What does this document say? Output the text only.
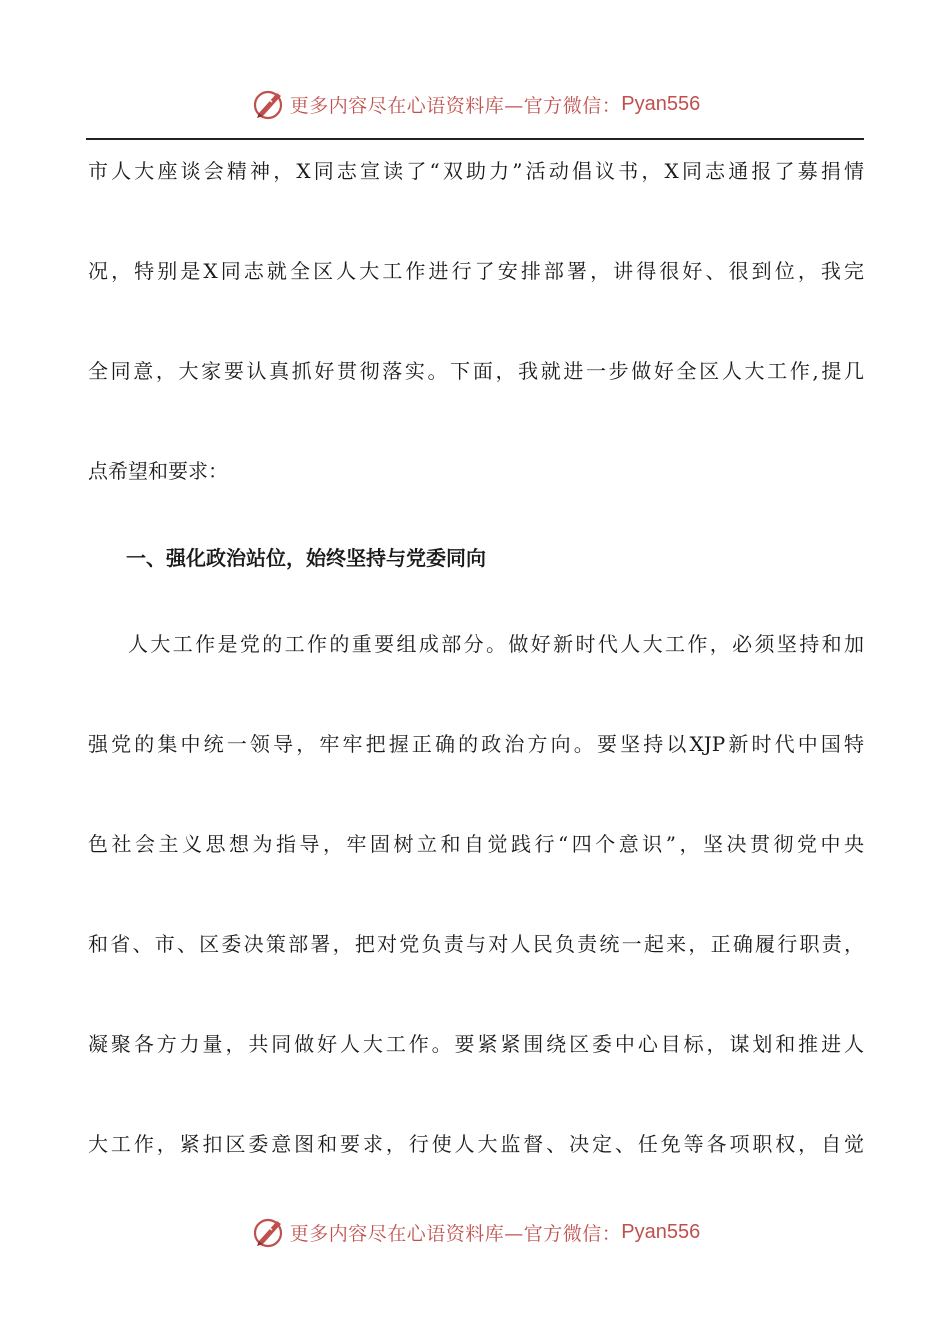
更多内容尽在心语资料库—官方微信： Pyan556
市人大座谈会精神，X同志宣读了“双助力”活动倡议书，X同志通报了募捐情
况，特别是X同志就全区人大工作进行了安排部署，讲得很好、很到位，我完
全同意，大家要认真抓好贯彻落实。下面，我就进一步做好全区人大工作,提几
点希望和要求：
一、强化政治站位，始终坚持与党委同向
人大工作是党的工作的重要组成部分。做好新时代人大工作，必须坚持和加
强党的集中统一领导，牢牢把握正确的政治方向。要坚持以XJP新时代中国特
色社会主义思想为指导，牢固树立和自觉践行“四个意识”，坚决贯彻党中央
和省、市、区委决策部署，把对党负责与对人民负责统一起来，正确履行职责，
凝聚各方力量，共同做好人大工作。要紧紧围绕区委中心目标，谋划和推进人
大工作，紧扣区委意图和要求，行使人大监督、决定、任免等各项职权，自觉
更多内容尽在心语资料库—官方微信： Pyan556
